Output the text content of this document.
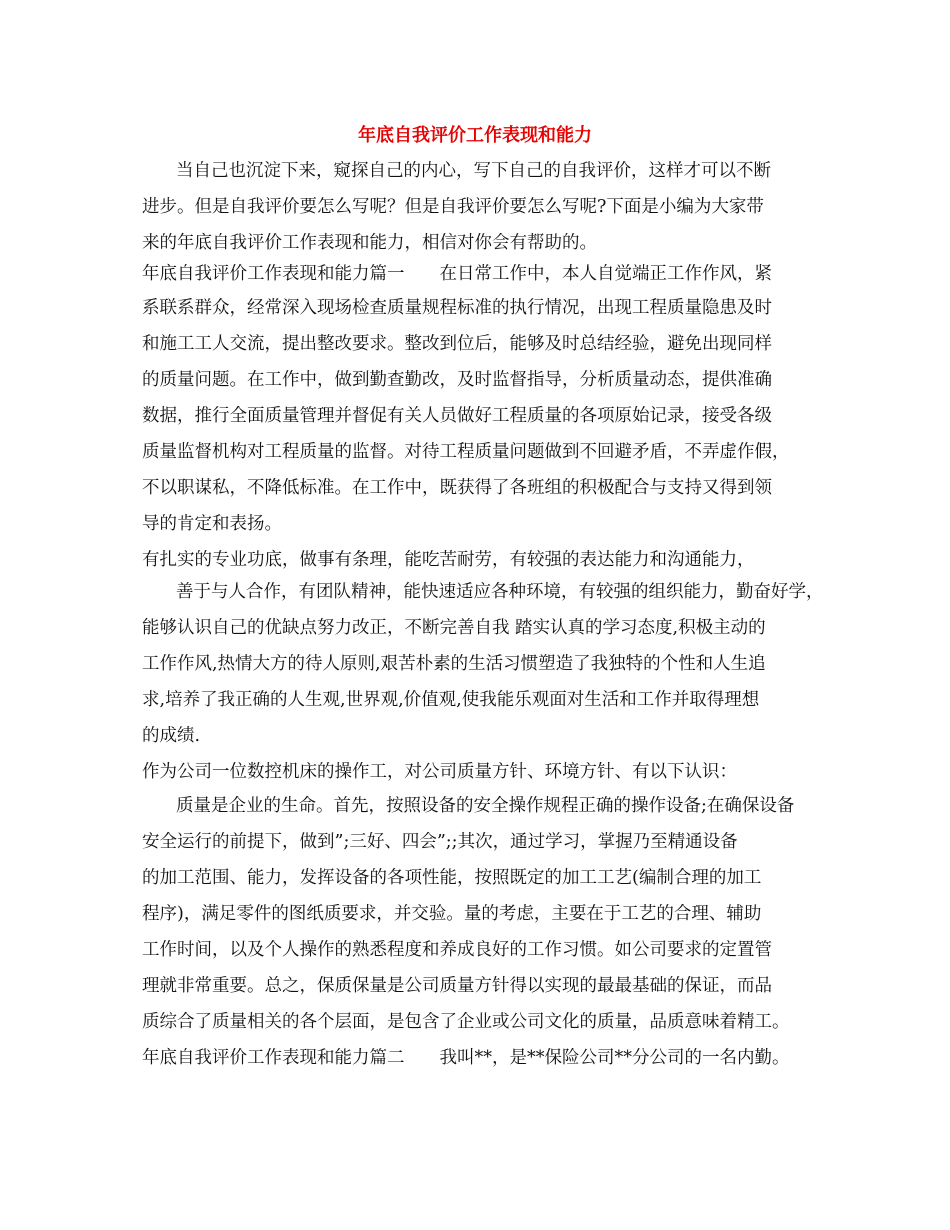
年底自我评价工作表现和能力

当自己也沉淀下来，窥探自己的内心，写下自己的自我评价，这样才可以不断

进步。但是自我评价要怎么写呢？但是自我评价要怎么写呢?下面是小编为大家带

来的年底自我评价工作表现和能力，相信对你会有帮助的。

年底自我评价工作表现和能力篇一　　在日常工作中，本人自觉端正工作作风，紧

系联系群众，经常深入现场检查质量规程标准的执行情况，出现工程质量隐患及时

和施工工人交流，提出整改要求。整改到位后，能够及时总结经验，避免出现同样

的质量问题。在工作中，做到勤查勤改，及时监督指导，分析质量动态，提供准确

数据，推行全面质量管理并督促有关人员做好工程质量的各项原始记录，接受各级

质量监督机构对工程质量的监督。对待工程质量问题做到不回避矛盾，不弄虚作假，

不以职谋私，不降低标准。在工作中，既获得了各班组的积极配合与支持又得到领

导的肯定和表扬。

有扎实的专业功底，做事有条理，能吃苦耐劳，有较强的表达能力和沟通能力，

善于与人合作，有团队精神，能快速适应各种环境，有较强的组织能力，勤奋好学，

能够认识自己的优缺点努力改正，不断完善自我 踏实认真的学习态度,积极主动的

工作作风,热情大方的待人原则,艰苦朴素的生活习惯塑造了我独特的个性和人生追

求,培养了我正确的人生观,世界观,价值观,使我能乐观面对生活和工作并取得理想

的成绩.

作为公司一位数控机床的操作工，对公司质量方针、环境方针、有以下认识：

质量是企业的生命。首先，按照设备的安全操作规程正确的操作设备;在确保设备

安全运行的前提下，做到”;三好、四会”;;其次，通过学习，掌握乃至精通设备

的加工范围、能力，发挥设备的各项性能，按照既定的加工工艺(编制合理的加工

程序)，满足零件的图纸质要求，并交验。量的考虑，主要在于工艺的合理、辅助

工作时间，以及个人操作的熟悉程度和养成良好的工作习惯。如公司要求的定置管

理就非常重要。总之，保质保量是公司质量方针得以实现的最最基础的保证，而品

质综合了质量相关的各个层面，是包含了企业或公司文化的质量，品质意味着精工。

年底自我评价工作表现和能力篇二　　我叫**，是**保险公司**分公司的一名内勤。
